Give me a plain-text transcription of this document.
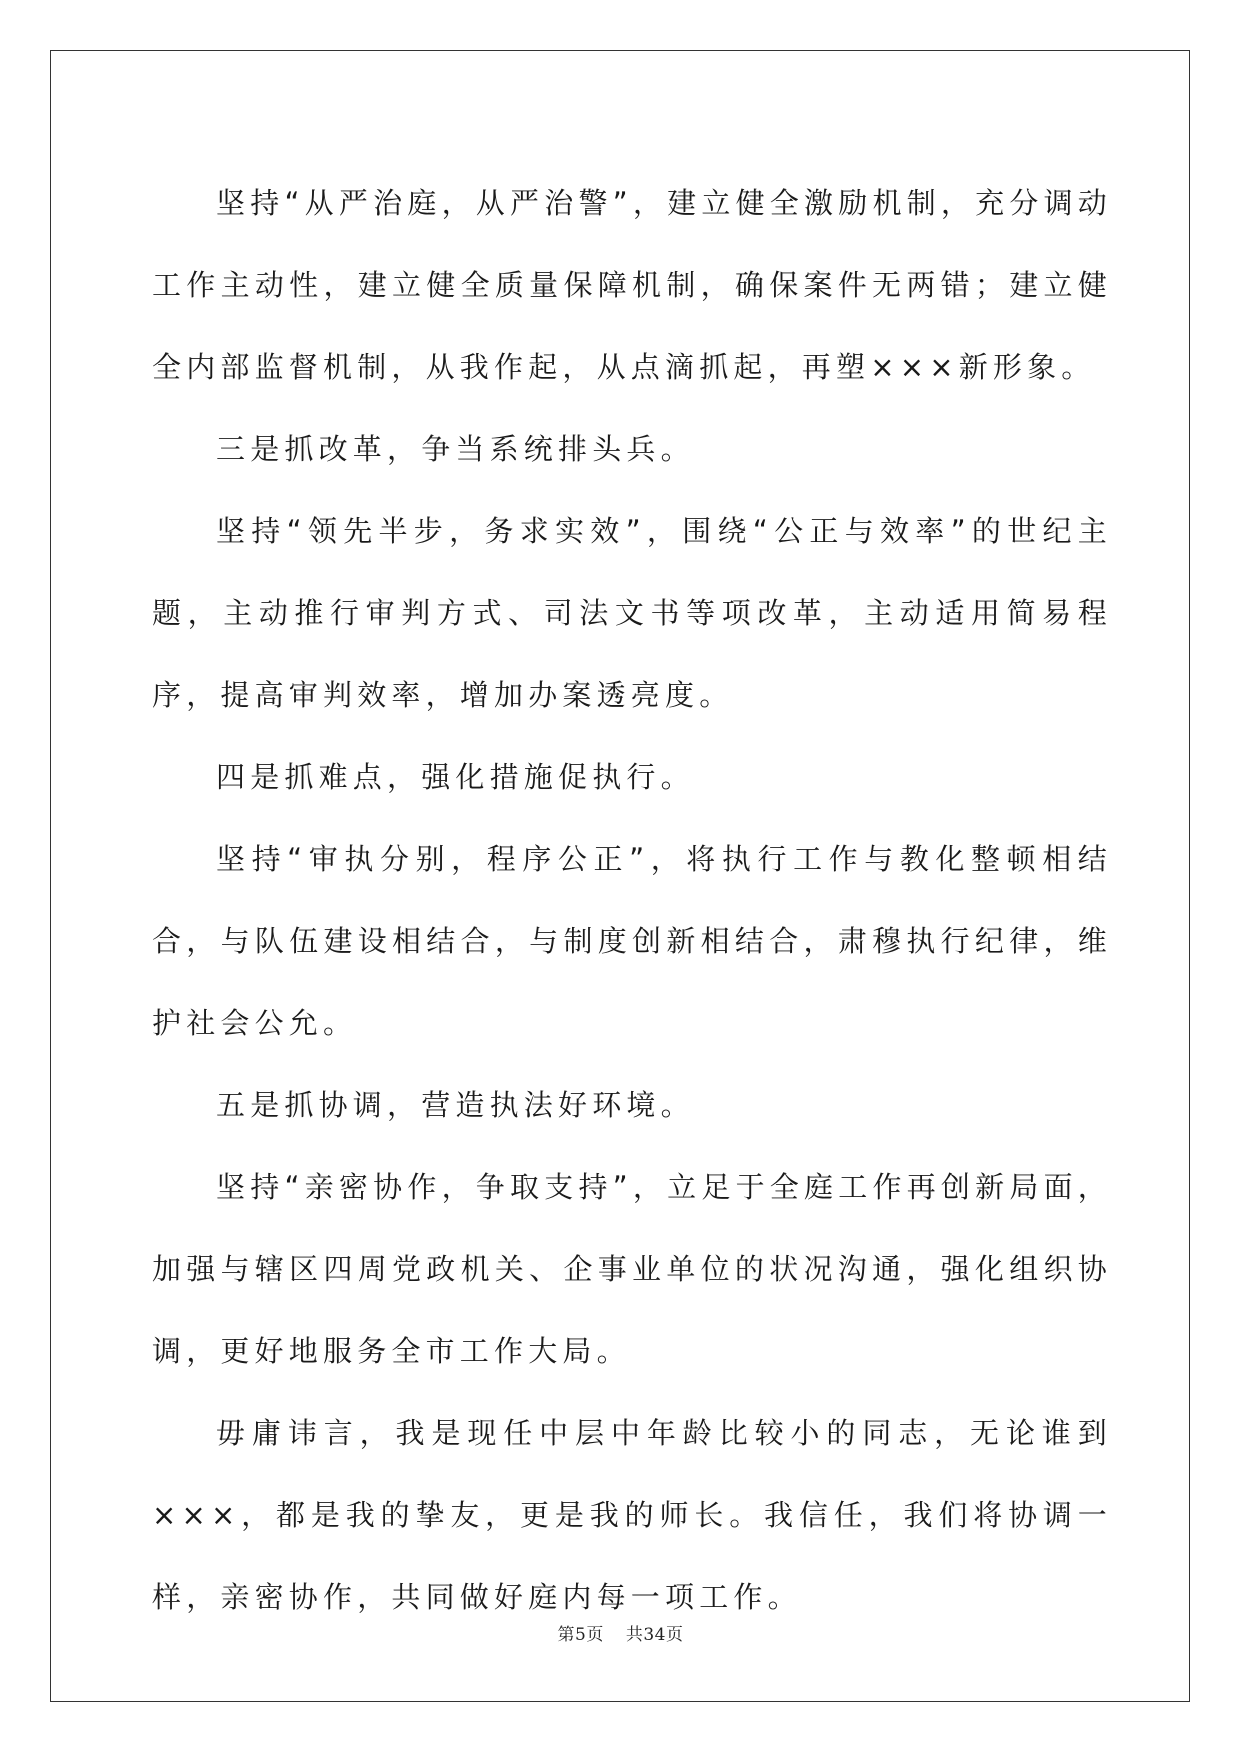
坚持“从严治庭，从严治警”，建立健全激励机制，充分调动工作主动性，建立健全质量保障机制，确保案件无两错；建立健全内部监督机制，从我作起，从点滴抓起，再塑×××新形象。

三是抓改革，争当系统排头兵。

坚持“领先半步，务求实效”，围绕“公正与效率”的世纪主题，主动推行审判方式、司法文书等项改革，主动适用简易程序，提高审判效率，增加办案透亮度。

四是抓难点，强化措施促执行。

坚持“审执分别，程序公正”，将执行工作与教化整顿相结合，与队伍建设相结合，与制度创新相结合，肃穆执行纪律，维护社会公允。

五是抓协调，营造执法好环境。

坚持“亲密协作，争取支持”，立足于全庭工作再创新局面，加强与辖区四周党政机关、企事业单位的状况沟通，强化组织协调，更好地服务全市工作大局。

毋庸讳言，我是现任中层中年龄比较小的同志，无论谁到×××，都是我的挚友，更是我的师长。我信任，我们将协调一样，亲密协作，共同做好庭内每一项工作。

第5页 共34页
